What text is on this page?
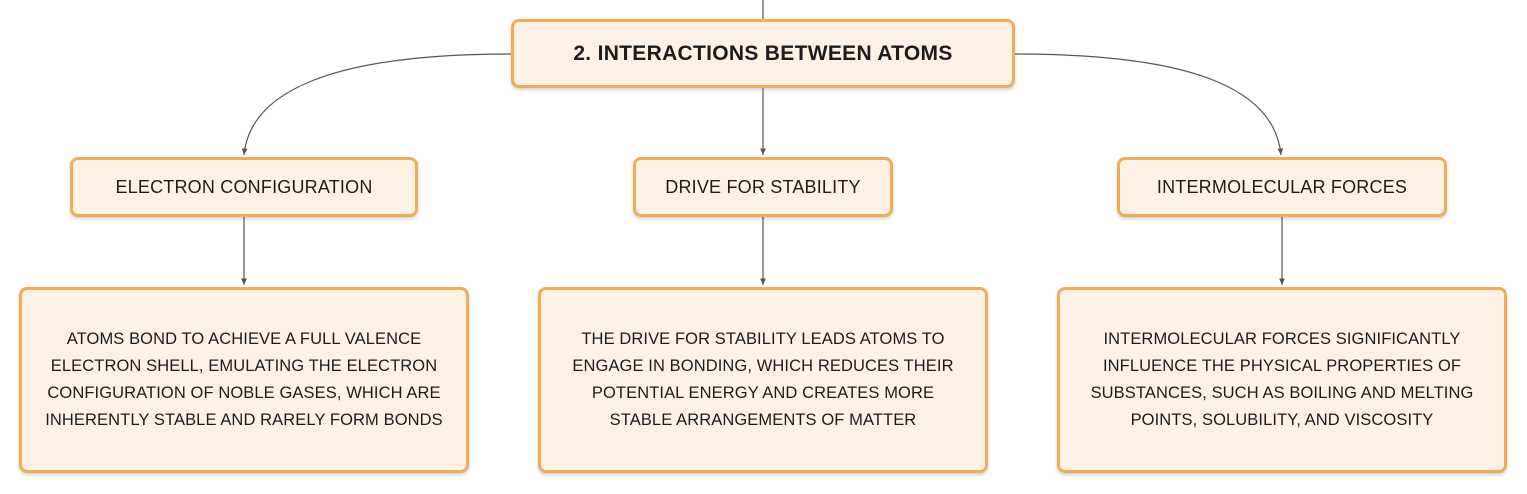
2. INTERACTIONS BETWEEN ATOMS
ELECTRON CONFIGURATION	DRIVE FOR STABILITY	INTERMOLECULAR FORCES
ATOMS BOND TO ACHIEVE A FULL VALENCE ELECTRON SHELL, EMULATING THE ELECTRON CONFIGURATION OF NOBLE GASES, WHICH ARE INHERENTLY STABLE AND RARELY FORM BONDS
THE DRIVE FOR STABILITY LEADS ATOMS TO ENGAGE IN BONDING, WHICH REDUCES THEIR POTENTIAL ENERGY AND CREATES MORE STABLE ARRANGEMENTS OF MATTER
INTERMOLECULAR FORCES SIGNIFICANTLY INFLUENCE THE PHYSICAL PROPERTIES OF SUBSTANCES, SUCH AS BOILING AND MELTING POINTS, SOLUBILITY, AND VISCOSITY
